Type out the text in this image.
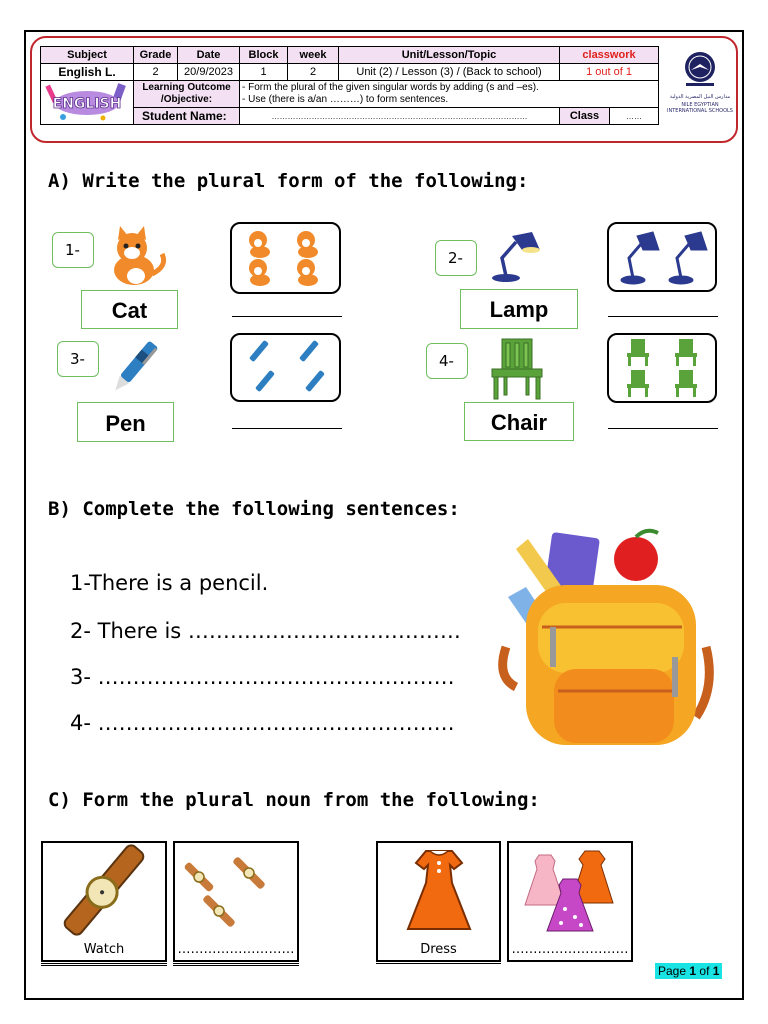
Subject	Grade	Date	Block	week	Unit/Lesson/Topic	classwork	
English L.	2	20/9/2023	1	2	Unit (2) / Lesson (3) / (Back to school)	1 out of 1	

ENGLISH	Learning Outcome /Objective:		- Form the plural of the given singular words by adding (s and –es).
- Use (there is a/an ………) to form sentences.				

	Student Name:		……………………………………………………………………………………			Class	……
مدارس النيل المصرية الدولية
NILE EGYPTIAN INTERNATIONAL SCHOOLS
A) Write the plural form of the following:
1-
Cat
2-
Lamp
3-
Pen
4-
Chair
B) Complete the following sentences:
1-There is a pencil.
2- There is …………………………………
3- ……………………………………………
4- ……………………………………………
C) Form the plural noun from the following:
Watch	………………………	Dress	………………………
Page 1 of 1
